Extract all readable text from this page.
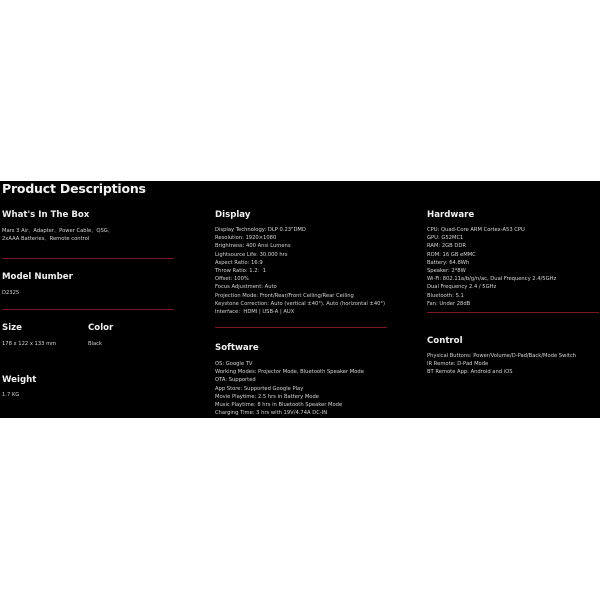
Product Descriptions
What's In The Box
Mars 3 Air、Adapter、Power Cable、QSG、
2xAAA Batteries、Remote control
Model Number
D2325
Size
178 x 122 x 133 mm
Color
Black
Weight
1.7 KG
Display
Display Technology: DLP 0.23"DMD
Resolution: 1920×1080
Brightness: 400 Ansi Lumens
Lightsource Life: 30,000 hrs
Aspect Ratio: 16:9
Throw Ratio: 1.2：1
Offset: 100%
Focus Adjustment: Auto
Projection Mode: Front/Rear/Front Ceiling/Rear Ceiling
Keystone Correction: Auto (vertical ±40°), Auto (horizontal ±40°)
Interface：HDMI | USB-A | AUX
Software
OS: Google TV
Working Modes: Projector Mode, Bluetooth Speaker Mode
OTA: Supported
App Store: Supported Google Play
Movie Playtime: 2.5 hrs in Battery Mode
Music Playtime: 8 hrs in Bluetooth Speaker Mode
Charging Time: 3 hrs with 19V/4.74A DC-IN
Hardware
CPU: Quad-Core ARM Cortex-A53 CPU
GPU: G52MC1
RAM: 2GB DDR
ROM: 16 GB eMMC
Battery: 64.8Wh
Speaker: 2*8W
Wi-Fi: 802.11a/b/g/n/ac, Dual Frequency 2.4/5GHz
Dual Frequency 2.4 / 5GHz
Bluetooth: 5.1
Fan: Under 28dB
Control
Physical Buttons: Power/Volume/D-Pad/Back/Mode Switch
IR Remote: D-Pad Mode
BT Remote App: Android and iOS
